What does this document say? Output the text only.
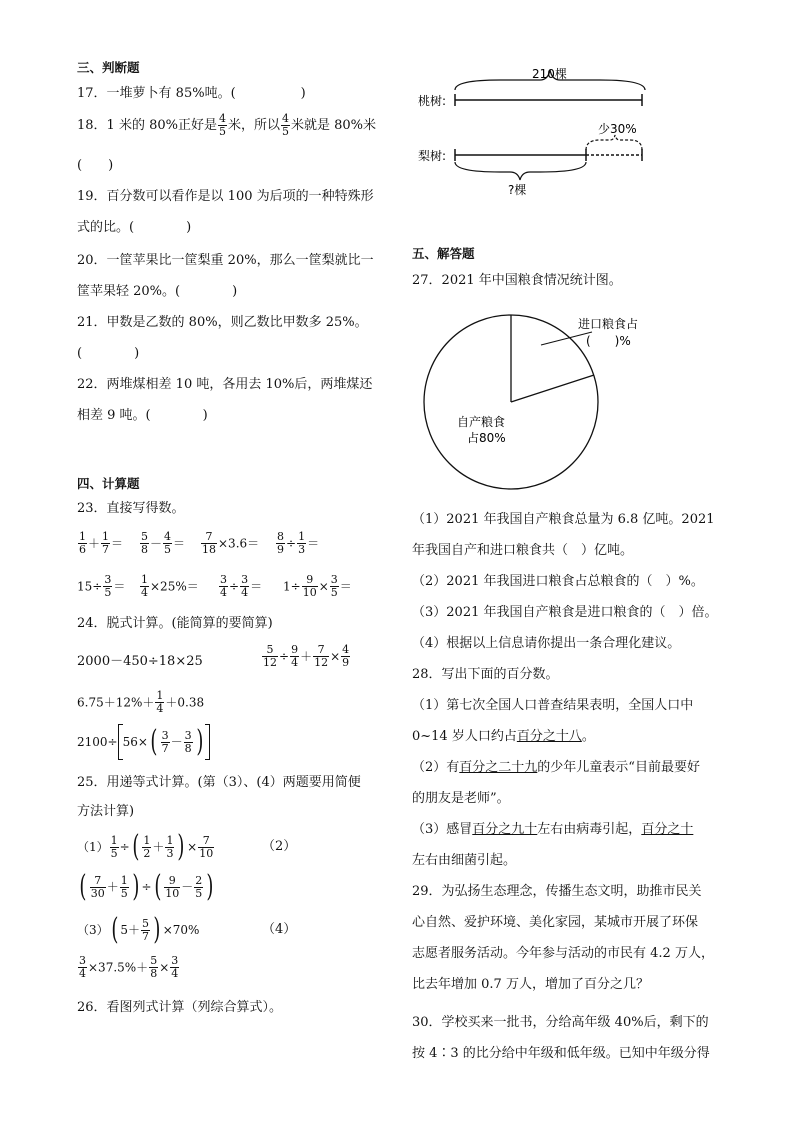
三、判断题
17．一堆萝卜有 85%吨。(　　　　　)
18．1 米的 80%正好是 $\frac{4}{5}$ 米，所以 $\frac{4}{5}$ 米就是 80%米
(　　)
19．百分数可以看作是以 100 为后项的一种特殊形
式的比。(　　　　)
20．一筐苹果比一筐梨重 20%，那么一筐梨就比一
筐苹果轻 20%。(　　　　)
21．甲数是乙数的 80%，则乙数比甲数多 25%。
(　　　　)
22．两堆煤相差 10 吨，各用去 10%后，两堆煤还
相差 9 吨。(　　　　)
四、计算题
23．直接写得数。
$\frac{1}{6} + \frac{1}{7} = \frac{5}{8} - \frac{4}{5} = \frac{7}{18} \times 3.6= \frac{8}{9} \div \frac{1}{3}$ ＝
$15\div \frac{3}{5} = \frac{1}{4} \times 25\%= \frac{3}{4} \div \frac{3}{4} = 1\div \frac{9}{10} \times \frac{3}{5}$ ＝
24．脱式计算。(能简算的要简算)
2000－450÷18×25	$\frac{5}{12} \div \frac{9}{4} + \frac{7}{12} \times \frac{4}{9}$
$6.75+12\%+ \frac{1}{4} +0.38$
$2100\div 56\times( \frac{3}{7} - \frac{3}{8}$ )
25．用递等式计算。(第（3）、(4）两题要用简便
方法计算)
$(1) \frac{1}{5}$ ÷( $\frac{1}{2} + \frac{1}{3}$ ) × $\frac{7}{10}$	（2）
( $\frac{7}{30} + \frac{1}{5}$ ) ÷( $\frac{9}{10} - \frac{2}{5}$ )
（3）( $5+ \frac{5}{7}$ ) ×70%	（4）
$\frac{3}{4} \times 37.5\%+ \frac{5}{8} \times \frac{3}{4}$
26．看图列式计算（列综合算式）。
210棵
桃树:
少30%
梨树:
?棵
五、解答题
27．2021 年中国粮食情况统计图。
进口粮食占
(　　)%
自产粮食
占80%
（1）2021 年我国自产粮食总量为 6.8 亿吨。2021
年我国自产和进口粮食共（　）亿吨。
（2）2021 年我国进口粮食占总粮食的（　）%。
（3）2021 年我国自产粮食是进口粮食的（　）倍。
（4）根据以上信息请你提出一条合理化建议。
28．写出下面的百分数。
（1）第七次全国人口普查结果表明，全国人口中
0~14 岁人口约占百分之十八。
（2）有百分之二十九的少年儿童表示“目前最要好
的朋友是老师”。
（3）感冒百分之九十左右由病毒引起，百分之十
左右由细菌引起。
29．为弘扬生态理念，传播生态文明，助推市民关
心自然、爱护环境、美化家园，某城市开展了环保
志愿者服务活动。今年参与活动的市民有 4.2 万人，
比去年增加 0.7 万人，增加了百分之几？
30．学校买来一批书，分给高年级 40%后，剩下的
按 4∶3 的比分给中年级和低年级。已知中年级分得
